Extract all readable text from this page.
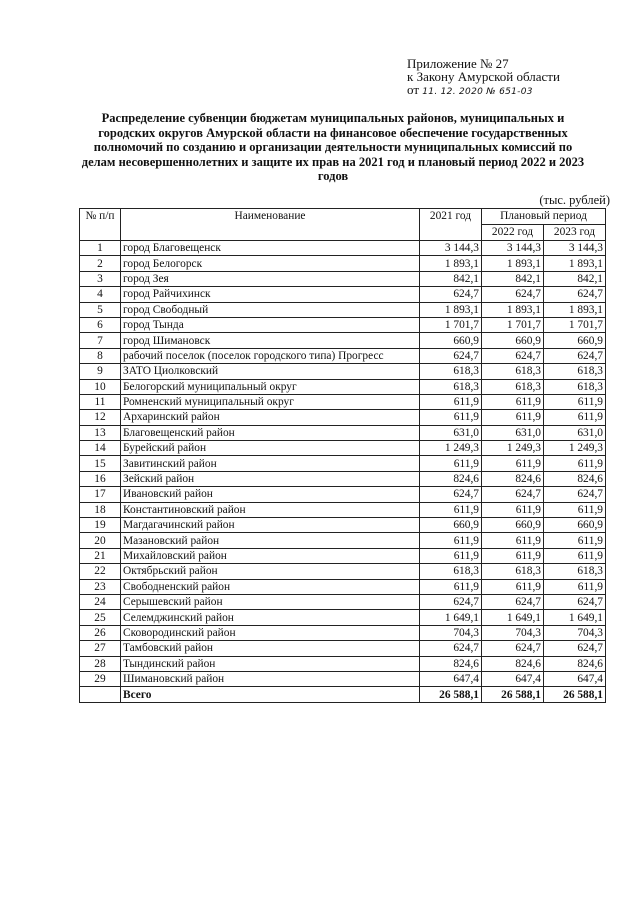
Приложение № 27
к Закону Амурской области
от 11. 12. 2020 № 651-03
Распределение субвенции бюджетам муниципальных районов, муниципальных и городских округов Амурской области на финансовое обеспечение государственных полномочий по созданию и организации деятельности муниципальных комиссий по делам несовершеннолетних и защите их прав на 2021 год и плановый период 2022 и 2023 годов
(тыс. рублей)
№ п/п	Наименование	2021 год	Плановый период	
			2022 год	2023 год
1	город Благовещенск	3 144,3	3 144,3	3 144,3
2	город Белогорск	1 893,1	1 893,1	1 893,1
3	город Зея	842,1	842,1	842,1
4	город Райчихинск	624,7	624,7	624,7
5	город Свободный	1 893,1	1 893,1	1 893,1
6	город Тында	1 701,7	1 701,7	1 701,7
7	город Шимановск	660,9	660,9	660,9
8	рабочий поселок (поселок городского типа) Прогресс	624,7	624,7	624,7
9	ЗАТО Циолковский	618,3	618,3	618,3
10	Белогорский муниципальный округ	618,3	618,3	618,3
11	Ромненский муниципальный округ	611,9	611,9	611,9
12	Архаринский район	611,9	611,9	611,9
13	Благовещенский район	631,0	631,0	631,0
14	Бурейский район	1 249,3	1 249,3	1 249,3
15	Завитинский район	611,9	611,9	611,9
16	Зейский район	824,6	824,6	824,6
17	Ивановский район	624,7	624,7	624,7
18	Константиновский район	611,9	611,9	611,9
19	Магдагачинский район	660,9	660,9	660,9
20	Мазановский район	611,9	611,9	611,9
21	Михайловский район	611,9	611,9	611,9
22	Октябрьский район	618,3	618,3	618,3
23	Свободненский район	611,9	611,9	611,9
24	Серышевский район	624,7	624,7	624,7
25	Селемджинский район	1 649,1	1 649,1	1 649,1
26	Сковородинский район	704,3	704,3	704,3
27	Тамбовский район	624,7	624,7	624,7
28	Тындинский район	824,6	824,6	824,6
29	Шимановский район	647,4	647,4	647,4
	Всего	26 588,1	26 588,1	26 588,1
